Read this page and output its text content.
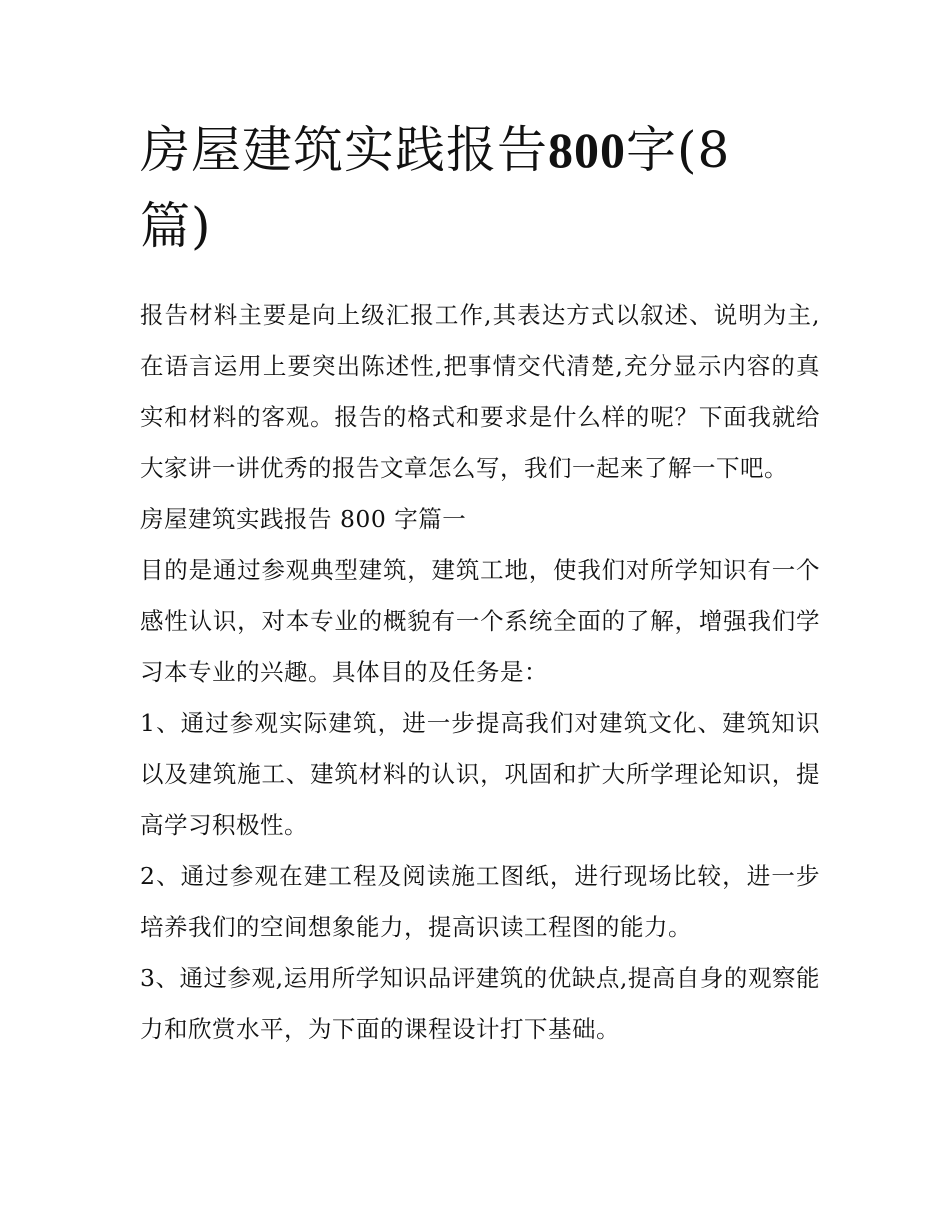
房屋建筑实践报告800字(8
篇)

报告材料主要是向上级汇报工作,其表达方式以叙述、说明为主,在语言运用上要突出陈述性,把事情交代清楚,充分显示内容的真实和材料的客观。报告的格式和要求是什么样的呢？下面我就给大家讲一讲优秀的报告文章怎么写，我们一起来了解一下吧。

房屋建筑实践报告 800 字篇一

目的是通过参观典型建筑，建筑工地，使我们对所学知识有一个感性认识，对本专业的概貌有一个系统全面的了解，增强我们学习本专业的兴趣。具体目的及任务是：

1、通过参观实际建筑，进一步提高我们对建筑文化、建筑知识以及建筑施工、建筑材料的认识，巩固和扩大所学理论知识，提高学习积极性。

2、通过参观在建工程及阅读施工图纸，进行现场比较，进一步培养我们的空间想象能力，提高识读工程图的能力。

3、通过参观,运用所学知识品评建筑的优缺点,提高自身的观察能力和欣赏水平，为下面的课程设计打下基础。
